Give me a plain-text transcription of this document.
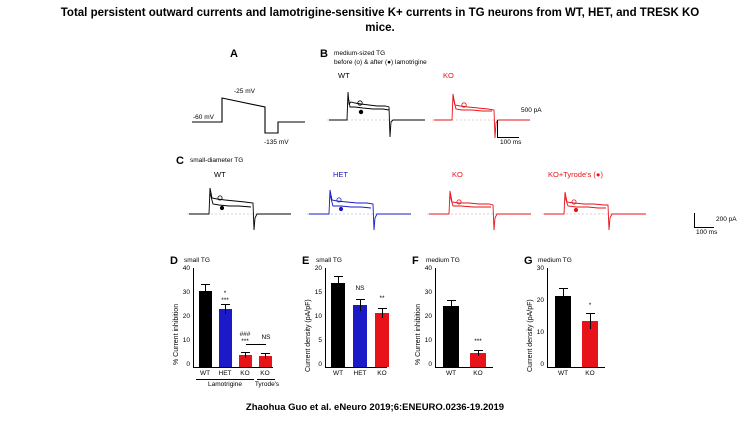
Total persistent outward currents and lamotrigine-sensitive K+ currents in TG neurons from WT, HET, and TRESK KO mice.
A
-25 mV
-60 mV
-135 mV
B medium-sized TG
before (o) & after (●) lamotrigine
WT	KO
500 pA
100 ms
C small-diameter TG
WT	HET	KO	KO+Tyrode's (●)
200 pA
100 ms
D small TG
% Current inhibition
40
30
20
10
0
*
***
###
***	NS
WT	HET	KO	KO
Lamotrigine	Tyrode's
E small TG
Current density (pA/pF)
20
15
10
5
0
NS
**
WT	HET	KO
F medium TG
% Current inhibition
40
30
20
10
0
***
WT	KO
G medium TG
Current density (pA/pF)
30
20
10
0
*
WT	KO
Zhaohua Guo et al. eNeuro 2019;6:ENEURO.0236-19.2019
